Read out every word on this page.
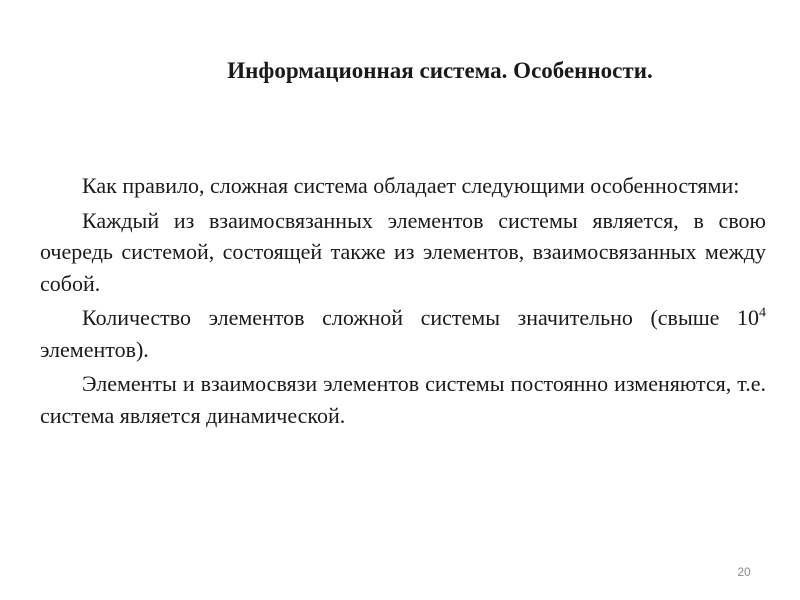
Информационная система. Особенности.

Как правило, сложная система обладает следующими особенностями:

Каждый из взаимосвязанных элементов системы является, в свою очередь системой, состоящей также из элементов, взаимосвязанных между собой.

Количество элементов сложной системы значительно (свыше $10^4$ элементов).

Элементы и взаимосвязи элементов системы постоянно изменяются, т.е. система является динамической.

20
